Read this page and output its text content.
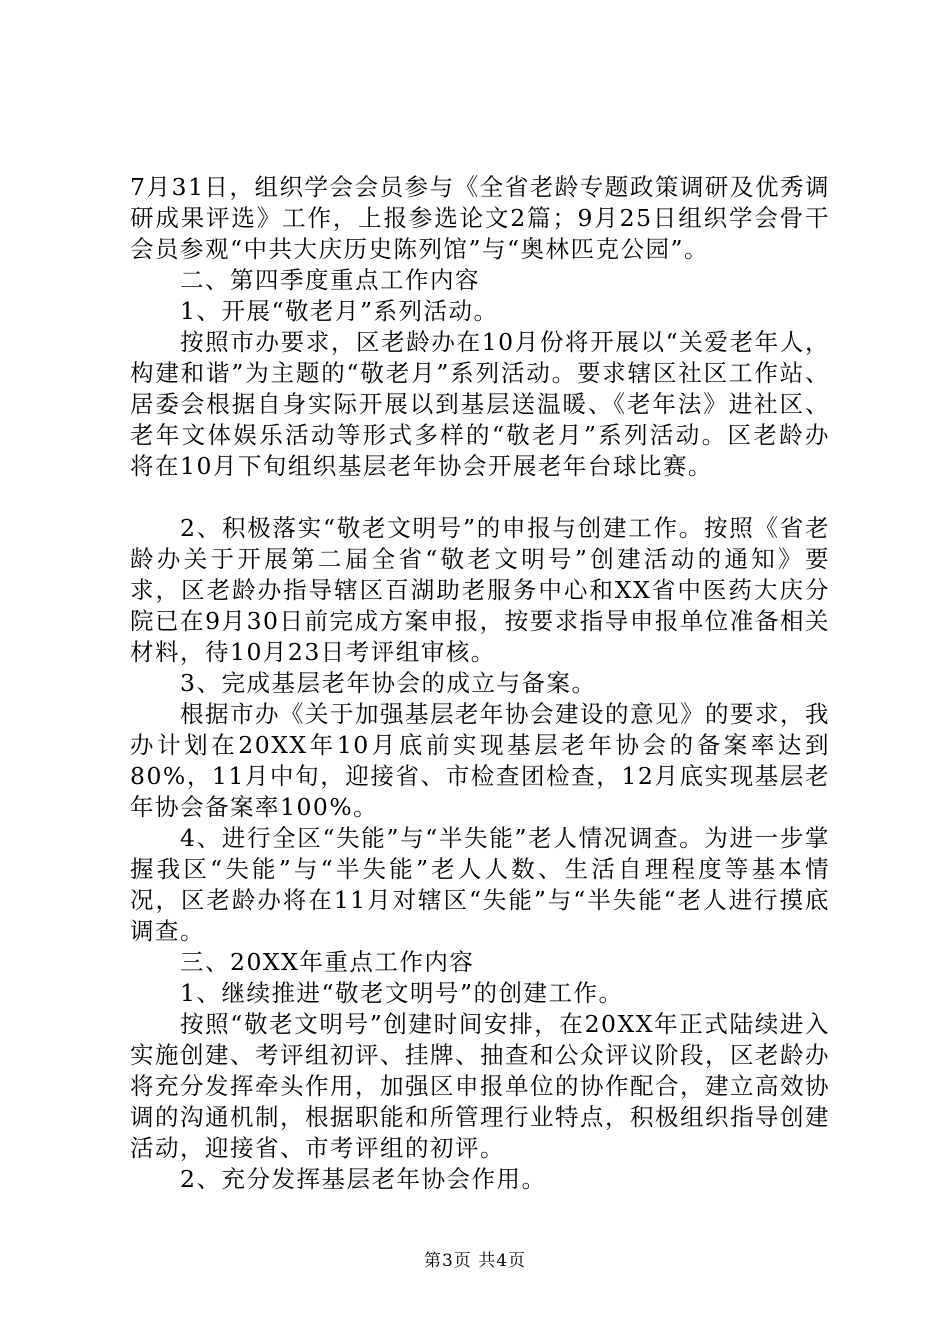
7月31日，组织学会会员参与《全省老龄专题政策调研及优秀调研成果评选》工作，上报参选论文2篇；9月25日组织学会骨干会员参观“中共大庆历史陈列馆”与“奥林匹克公园”。

二、第四季度重点工作内容

1、开展“敬老月”系列活动。

按照市办要求，区老龄办在10月份将开展以“关爱老年人，构建和谐”为主题的“敬老月”系列活动。要求辖区社区工作站、居委会根据自身实际开展以到基层送温暖、《老年法》进社区、老年文体娱乐活动等形式多样的“敬老月”系列活动。区老龄办将在10月下旬组织基层老年协会开展老年台球比赛。

2、积极落实“敬老文明号”的申报与创建工作。按照《省老龄办关于开展第二届全省“敬老文明号”创建活动的通知》要求，区老龄办指导辖区百湖助老服务中心和XX省中医药大庆分院已在9月30日前完成方案申报，按要求指导申报单位准备相关材料，待10月23日考评组审核。

3、完成基层老年协会的成立与备案。

根据市办《关于加强基层老年协会建设的意见》的要求，我办计划在20XX年10月底前实现基层老年协会的备案率达到80%，11月中旬，迎接省、市检查团检查，12月底实现基层老年协会备案率100%。

4、进行全区“失能”与“半失能”老人情况调查。为进一步掌握我区“失能”与“半失能”老人人数、生活自理程度等基本情况，区老龄办将在11月对辖区“失能”与“半失能“老人进行摸底调查。

三、20XX年重点工作内容

1、继续推进“敬老文明号”的创建工作。

按照“敬老文明号”创建时间安排，在20XX年正式陆续进入实施创建、考评组初评、挂牌、抽查和公众评议阶段，区老龄办将充分发挥牵头作用，加强区申报单位的协作配合，建立高效协调的沟通机制，根据职能和所管理行业特点，积极组织指导创建活动，迎接省、市考评组的初评。

2、充分发挥基层老年协会作用。

第3页 共4页
